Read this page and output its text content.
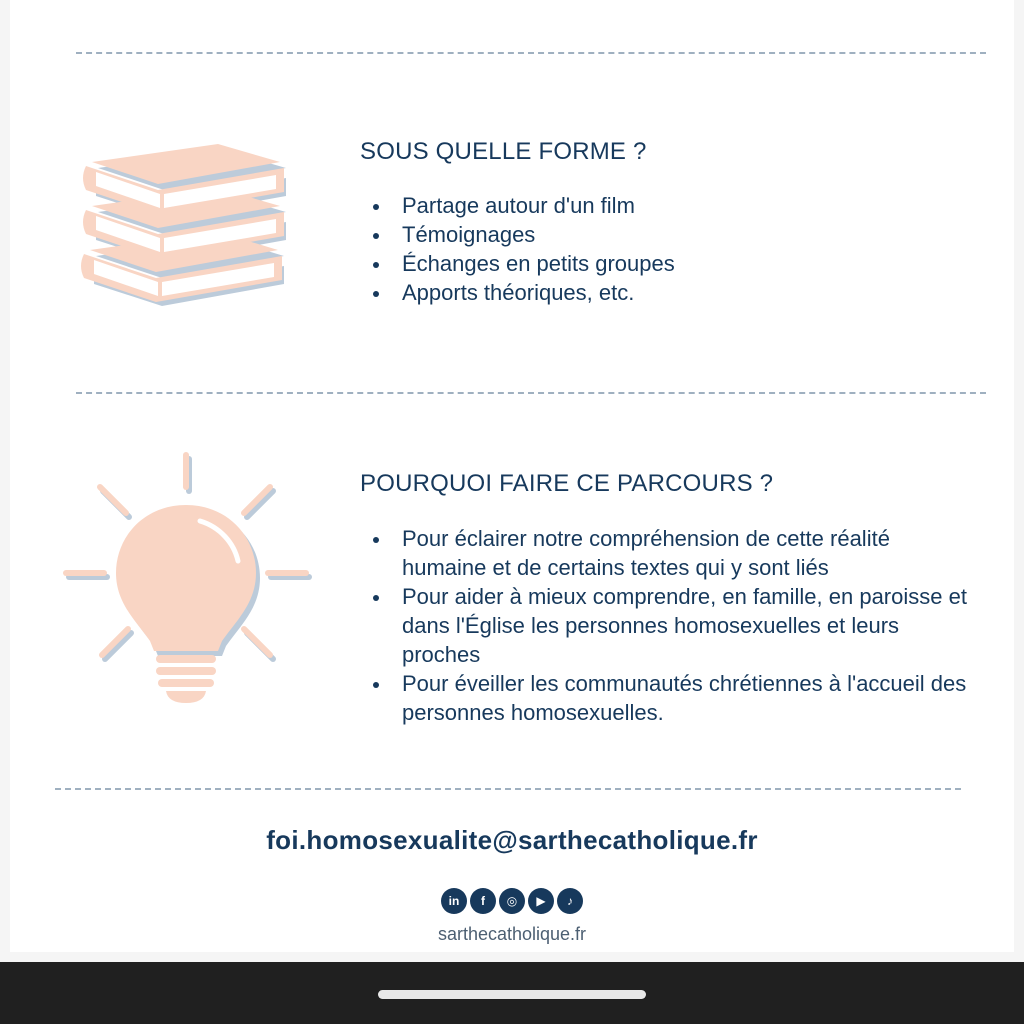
SOUS QUELLE FORME ?
Partage autour d'un film
Témoignages
Échanges en petits groupes
Apports théoriques, etc.
POURQUOI FAIRE CE PARCOURS ?
Pour éclairer notre compréhension de cette réalité humaine et de certains textes qui y sont liés
Pour aider à mieux comprendre, en famille, en paroisse et dans l'Église les personnes homosexuelles et leurs proches
Pour éveiller les communautés chrétiennes à l'accueil des personnes homosexuelles.
foi.homosexualite@sarthecatholique.fr
in	f	◎	▶	♪
sarthecatholique.fr
